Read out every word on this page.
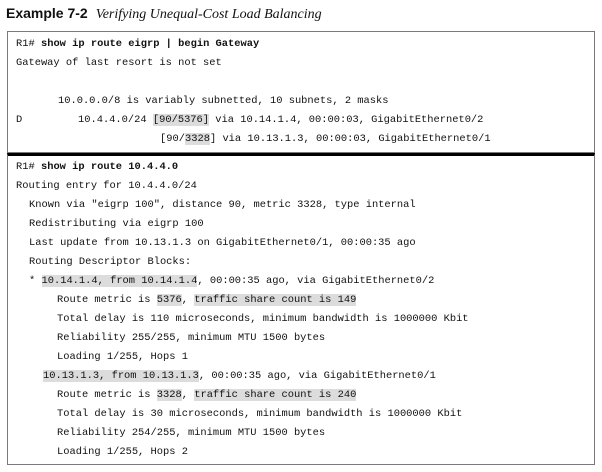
Example 7-2 Verifying Unequal-Cost Load Balancing
R1# show ip route eigrp | begin Gateway
Gateway of last resort is not set
10.0.0.0/8 is variably subnetted, 10 subnets, 2 masks
D	10.4.4.0/24 [90/5376] via 10.14.1.4, 00:00:03, GigabitEthernet0/2
[90/3328] via 10.13.1.3, 00:00:03, GigabitEthernet0/1
R1# show ip route 10.4.4.0
Routing entry for 10.4.4.0/24
Known via "eigrp 100", distance 90, metric 3328, type internal
Redistributing via eigrp 100
Last update from 10.13.1.3 on GigabitEthernet0/1, 00:00:35 ago
Routing Descriptor Blocks:
* 10.14.1.4, from 10.14.1.4, 00:00:35 ago, via GigabitEthernet0/2
Route metric is 5376, traffic share count is 149
Total delay is 110 microseconds, minimum bandwidth is 1000000 Kbit
Reliability 255/255, minimum MTU 1500 bytes
Loading 1/255, Hops 1
10.13.1.3, from 10.13.1.3, 00:00:35 ago, via GigabitEthernet0/1
Route metric is 3328, traffic share count is 240
Total delay is 30 microseconds, minimum bandwidth is 1000000 Kbit
Reliability 254/255, minimum MTU 1500 bytes
Loading 1/255, Hops 2
